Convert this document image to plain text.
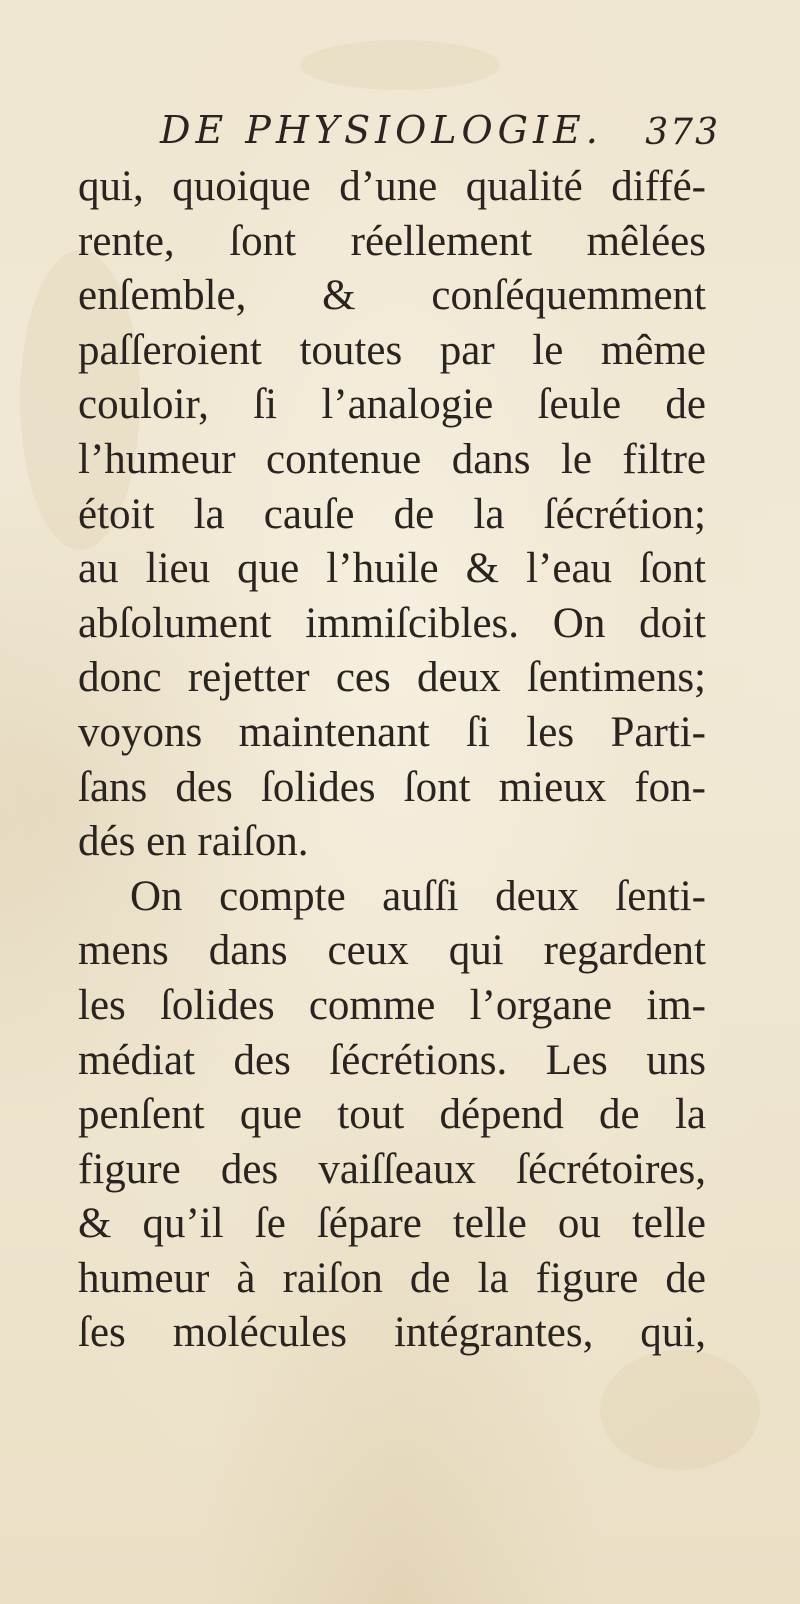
DE PHYSIOLOGIE. 373
qui, quoique d’une qualité diffé-
rente, ſont réellement mêlées
enſemble, & conſéquemment
paſſeroient toutes par le même
couloir, ſi l’analogie ſeule de
l’humeur contenue dans le filtre
étoit la cauſe de la ſécrétion;
au lieu que l’huile & l’eau ſont
abſolument immiſcibles. On doit
donc rejetter ces deux ſentimens;
voyons maintenant ſi les Parti-
ſans des ſolides ſont mieux fon-
dés en raiſon.
On compte auſſi deux ſenti-
mens dans ceux qui regardent
les ſolides comme l’organe im-
médiat des ſécrétions. Les uns
penſent que tout dépend de la
figure des vaiſſeaux ſécrétoires,
& qu’il ſe ſépare telle ou telle
humeur à raiſon de la figure de
ſes molécules intégrantes, qui,
